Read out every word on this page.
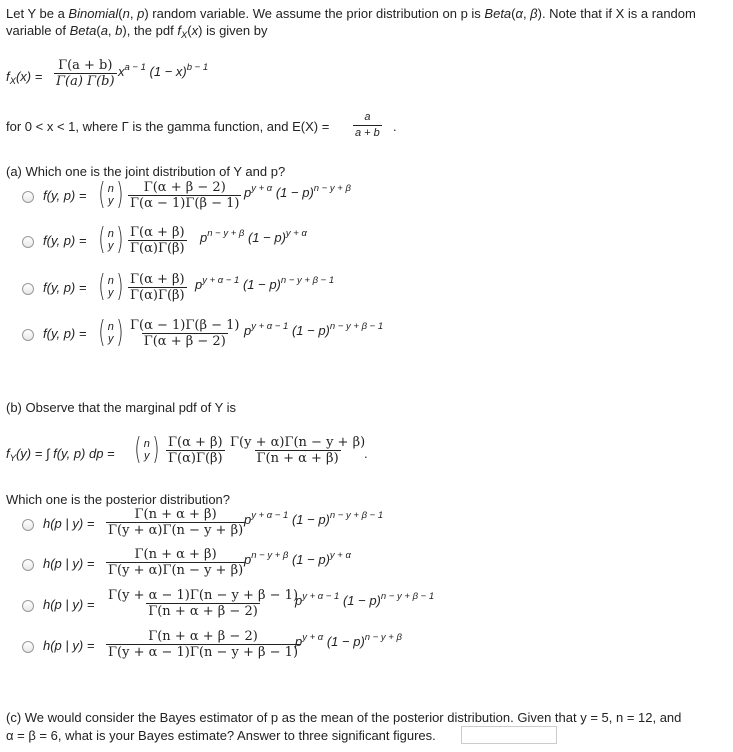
Let Y be a Binomial(n, p) random variable. We assume the prior distribution on p is Beta(α, β). Note that if X is a random
variable of Beta(a, b), the pdf $f_X(x)$ is given by
$f_X(x) = \frac{\Gamma(a + b)}{\Gamma(a) \Gamma(b)} x^{a - 1}$ $(1 - x)^{b - 1}$
for 0 < x < 1, where Γ is the gamma function, and $E(X) = \frac{a}{a + b}$ .
(a) Which one is the joint distribution of Y and p?
f(y, p) = ( n
y ) $\frac{\Gamma(\alpha + \beta - 2)}{\Gamma(\alpha - 1)\Gamma(\beta - 1)} p^{y + \alpha}$ $(1 - p)^{n - y + \beta}$
f(y, p) = ( n
y ) $\frac{\Gamma(\alpha + \beta)}{\Gamma(\alpha)\Gamma(\beta)} p^{n - y + \beta}$ $(1 - p)^{y + \alpha}$
f(y, p) = ( n
y ) $\frac{\Gamma(\alpha + \beta)}{\Gamma(\alpha)\Gamma(\beta)} p^{y + \alpha - 1}$ $(1 - p)^{n - y + \beta - 1}$
f(y, p) = ( n
y ) $\frac{\Gamma(\alpha - 1)\Gamma(\beta - 1)}{\Gamma(\alpha + \beta - 2)} p^{y + \alpha - 1}$ $(1 - p)^{n - y + \beta - 1}$
(b) Observe that the marginal pdf of Y is
$f_Y(y)$ = ∫ f(y, p) dp = ( n
y ) $\frac{\Gamma(\alpha + \beta)}{\Gamma(\alpha)\Gamma(\beta)} \frac{\Gamma(y + \alpha)\Gamma(n - y + \beta)}{\Gamma(n + \alpha + \beta)}$
.
Which one is the posterior distribution?
h(p | $y) = \frac{\Gamma(n + \alpha + \beta)}{\Gamma(y + \alpha)\Gamma(n - y + \beta)}$
$p^{y + \alpha - 1}$ $(1 - p)^{n - y + \beta - 1}$
h(p | $y) = \frac{\Gamma(n + \alpha + \beta)}{\Gamma(y + \alpha)\Gamma(n - y + \beta)}$
$p^{n - y + \beta}$ $(1 - p)^{y + \alpha}$
h(p | $y) = \frac{\Gamma(y + \alpha - 1)\Gamma(n - y + \beta - 1)}{\Gamma(n + \alpha + \beta - 2)}$
$p^{y + \alpha - 1}$ $(1 - p)^{n - y + \beta - 1}$
h(p | $y) = \frac{\Gamma(n + \alpha + \beta - 2)}{\Gamma(y + \alpha - 1)\Gamma(n - y + \beta - 1)}$
$p^{y + \alpha}$ $(1 - p)^{n - y + \beta}$
(c) We would consider the Bayes estimator of p as the mean of the posterior distribution. Given that y = 5, n = 12, and
α = β = 6, what is your Bayes estimate? Answer to three significant figures.
